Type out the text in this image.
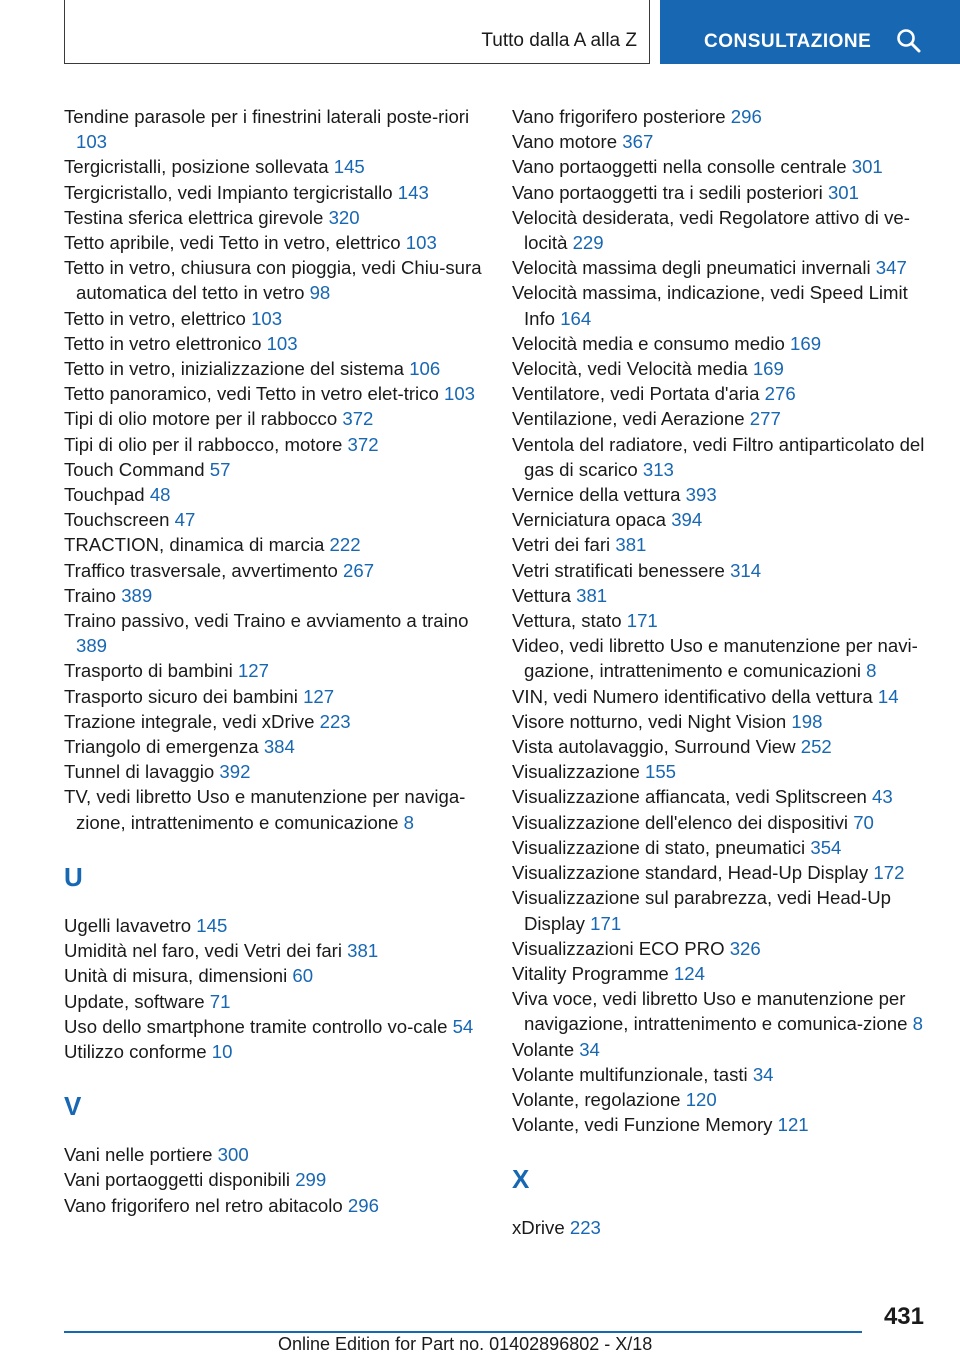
Tutto dalla A alla Z	CONSULTAZIONE
Tendine parasole per i finestrini laterali poste-riori 103
Tergicristalli, posizione sollevata 145
Tergicristallo, vedi Impianto tergicristallo 143
Testina sferica elettrica girevole 320
Tetto apribile, vedi Tetto in vetro, elettrico 103
Tetto in vetro, chiusura con pioggia, vedi Chiu-sura automatica del tetto in vetro 98
Tetto in vetro, elettrico 103
Tetto in vetro elettronico 103
Tetto in vetro, inizializzazione del sistema 106
Tetto panoramico, vedi Tetto in vetro elet-trico 103
Tipi di olio motore per il rabbocco 372
Tipi di olio per il rabbocco, motore 372
Touch Command 57
Touchpad 48
Touchscreen 47
TRACTION, dinamica di marcia 222
Traffico trasversale, avvertimento 267
Traino 389
Traino passivo, vedi Traino e avviamento a traino 389
Trasporto di bambini 127
Trasporto sicuro dei bambini 127
Trazione integrale, vedi xDrive 223
Triangolo di emergenza 384
Tunnel di lavaggio 392
TV, vedi libretto Uso e manutenzione per naviga-zione, intrattenimento e comunicazione 8
U
Ugelli lavavetro 145
Umidità nel faro, vedi Vetri dei fari 381
Unità di misura, dimensioni 60
Update, software 71
Uso dello smartphone tramite controllo vo-cale 54
Utilizzo conforme 10
V
Vani nelle portiere 300
Vani portaoggetti disponibili 299
Vano frigorifero nel retro abitacolo 296
Vano frigorifero posteriore 296
Vano motore 367
Vano portaoggetti nella consolle centrale 301
Vano portaoggetti tra i sedili posteriori 301
Velocità desiderata, vedi Regolatore attivo di ve-locità 229
Velocità massima degli pneumatici invernali 347
Velocità massima, indicazione, vedi Speed Limit Info 164
Velocità media e consumo medio 169
Velocità, vedi Velocità media 169
Ventilatore, vedi Portata d'aria 276
Ventilazione, vedi Aerazione 277
Ventola del radiatore, vedi Filtro antiparticolato del gas di scarico 313
Vernice della vettura 393
Verniciatura opaca 394
Vetri dei fari 381
Vetri stratificati benessere 314
Vettura 381
Vettura, stato 171
Video, vedi libretto Uso e manutenzione per navi-gazione, intrattenimento e comunicazioni 8
VIN, vedi Numero identificativo della vettura 14
Visore notturno, vedi Night Vision 198
Vista autolavaggio, Surround View 252
Visualizzazione 155
Visualizzazione affiancata, vedi Splitscreen 43
Visualizzazione dell'elenco dei dispositivi 70
Visualizzazione di stato, pneumatici 354
Visualizzazione standard, Head-Up Display 172
Visualizzazione sul parabrezza, vedi Head-Up Display 171
Visualizzazioni ECO PRO 326
Vitality Programme 124
Viva voce, vedi libretto Uso e manutenzione per navigazione, intrattenimento e comunica-zione 8
Volante 34
Volante multifunzionale, tasti 34
Volante, regolazione 120
Volante, vedi Funzione Memory 121
X
xDrive 223
431
Online Edition for Part no. 01402896802 - X/18
